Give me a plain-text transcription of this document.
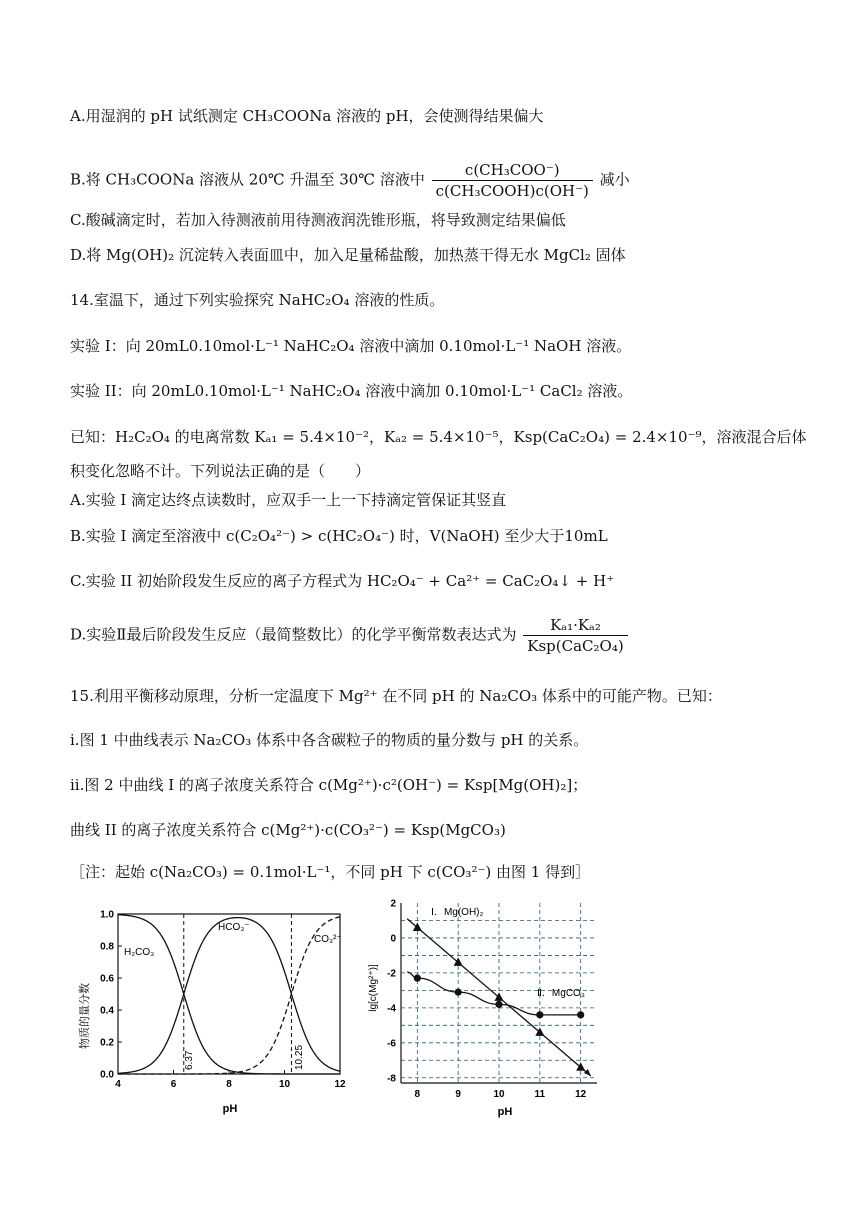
A.用湿润的 pH 试纸测定 CH₃COONa 溶液的 pH，会使测得结果偏大
B.将 CH₃COONa 溶液从 20℃ 升温至 30℃ 溶液中 $\frac{\text{c(CH₃COO⁻)}}{\text{c(CH₃COOH)c(OH⁻)}}$ 减小
C.酸碱滴定时，若加入待测液前用待测液润洗锥形瓶，将导致测定结果偏低
D.将 Mg(OH)₂ 沉淀转入表面皿中，加入足量稀盐酸，加热蒸干得无水 MgCl₂ 固体
14.室温下，通过下列实验探究 NaHC₂O₄ 溶液的性质。
实验 I：向 20mL0.10mol·L⁻¹ NaHC₂O₄ 溶液中滴加 0.10mol·L⁻¹ NaOH 溶液。
实验 II：向 20mL0.10mol·L⁻¹ NaHC₂O₄ 溶液中滴加 0.10mol·L⁻¹ CaCl₂ 溶液。
已知：H₂C₂O₄ 的电离常数 Kₐ₁ = 5.4×10⁻²，Kₐ₂ = 5.4×10⁻⁵，Ksp(CaC₂O₄) = 2.4×10⁻⁹，溶液混合后体
积变化忽略不计。下列说法正确的是（　　）
A.实验 I 滴定达终点读数时，应双手一上一下持滴定管保证其竖直
B.实验 I 滴定至溶液中 c(C₂O₄²⁻) > c(HC₂O₄⁻) 时，V(NaOH) 至少大于10mL
C.实验 II 初始阶段发生反应的离子方程式为 HC₂O₄⁻ + Ca²⁺ = CaC₂O₄↓ + H⁺
D.实验Ⅱ最后阶段发生反应（最简整数比）的化学平衡常数表达式为 $\frac{\text{Kₐ₁·Kₐ₂}}{\text{Ksp(CaC₂O₄)}}$
15.利用平衡移动原理，分析一定温度下 Mg²⁺ 在不同 pH 的 Na₂CO₃ 体系中的可能产物。已知：
i.图 1 中曲线表示 Na₂CO₃ 体系中各含碳粒子的物质的量分数与 pH 的关系。
ii.图 2 中曲线 I 的离子浓度关系符合 c(Mg²⁺)·c²(OH⁻) = Ksp[Mg(OH)₂]；
曲线 II 的离子浓度关系符合 c(Mg²⁺)·c(CO₃²⁻) = Ksp(MgCO₃)
［注：起始 c(Na₂CO₃) = 0.1mol·L⁻¹，不同 pH 下 c(CO₃²⁻) 由图 1 得到］
4	6	8	10	12
0.0
0.2
0.4
0.6
0.8
1.0
物质的量分数
pH
H₂CO₃
HCO₃⁻
CO₃²⁻
6.37	10.25
8	9	10	11	12
2
0
-2
-4
-6
-8
lg[c(Mg²⁺)]
pH
Ⅰ．Mg(OH)₂
Ⅱ．MgCO₃
